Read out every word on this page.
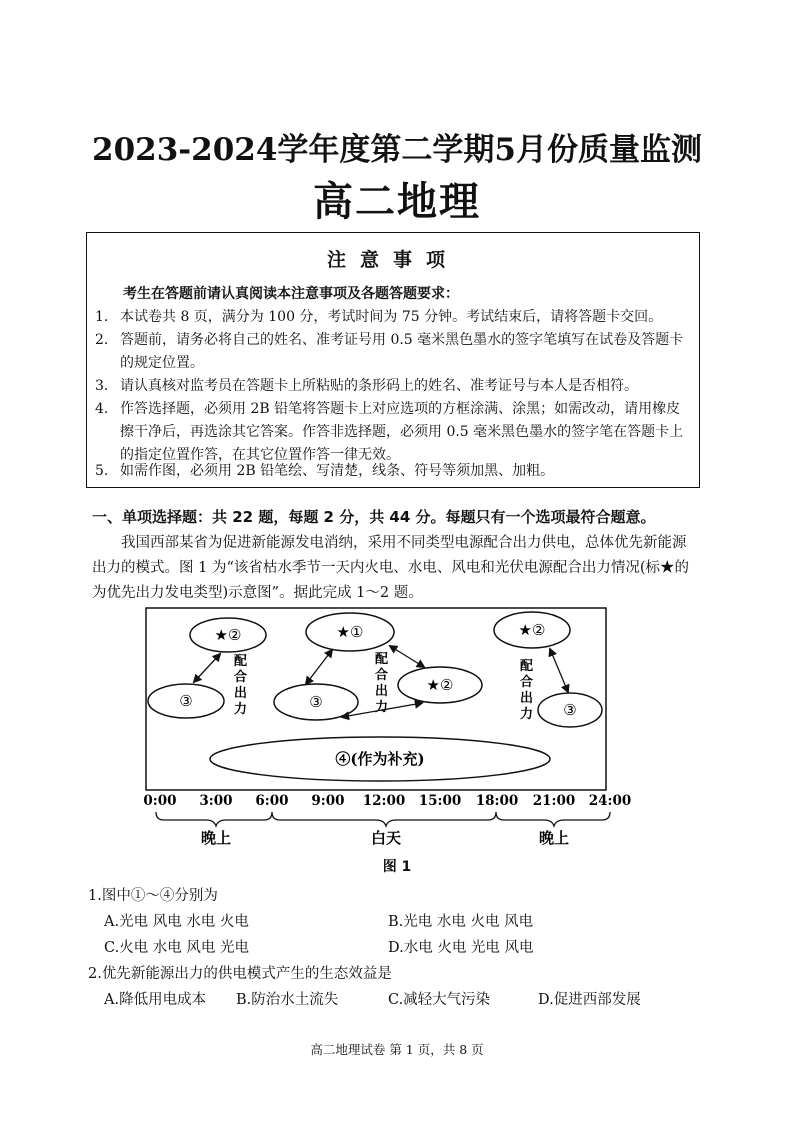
2023-2024学年度第二学期5月份质量监测
高二地理
注意事项
考生在答题前请认真阅读本注意事项及各题答题要求：
1. 本试卷共 8 页，满分为 100 分，考试时间为 75 分钟。考试结束后，请将答题卡交回。
2. 答题前，请务必将自己的姓名、准考证号用 0.5 毫米黑色墨水的签字笔填写在试卷及答题卡的规定位置。
3. 请认真核对监考员在答题卡上所粘贴的条形码上的姓名、准考证号与本人是否相符。
4. 作答选择题，必须用 2B 铅笔将答题卡上对应选项的方框涂满、涂黑；如需改动，请用橡皮擦干净后，再选涂其它答案。作答非选择题，必须用 0.5 毫米黑色墨水的签字笔在答题卡上的指定位置作答，在其它位置作答一律无效。
5. 如需作图，必须用 2B 铅笔绘、写清楚，线条、符号等须加黑、加粗。
一、单项选择题：共 22 题，每题 2 分，共 44 分。每题只有一个选项最符合题意。
我国西部某省为促进新能源发电消纳，采用不同类型电源配合出力供电，总体优先新能源出力的模式。图 1 为“该省枯水季节一天内火电、水电、风电和光伏电源配合出力情况(标★的为优先出力发电类型)示意图”。据此完成 1～2 题。
★②
③
配合出力
★①
③
★②
配合出力
★②
③
配合出力
④(作为补充)
0:00 3:00 6:00 9:00 12:00 15:00 18:00 21:00 24:00
晚上	白天	晚上
图 1
1.图中①～④分别为
A.光电 风电 水电 火电	B.光电 水电 火电 风电
C.火电 水电 风电 光电	D.水电 火电 光电 风电
2.优先新能源出力的供电模式产生的生态效益是
A.降低用电成本 B.防治水土流失	C.减轻大气污染	D.促进西部发展
高二地理试卷 第 1 页，共 8 页
